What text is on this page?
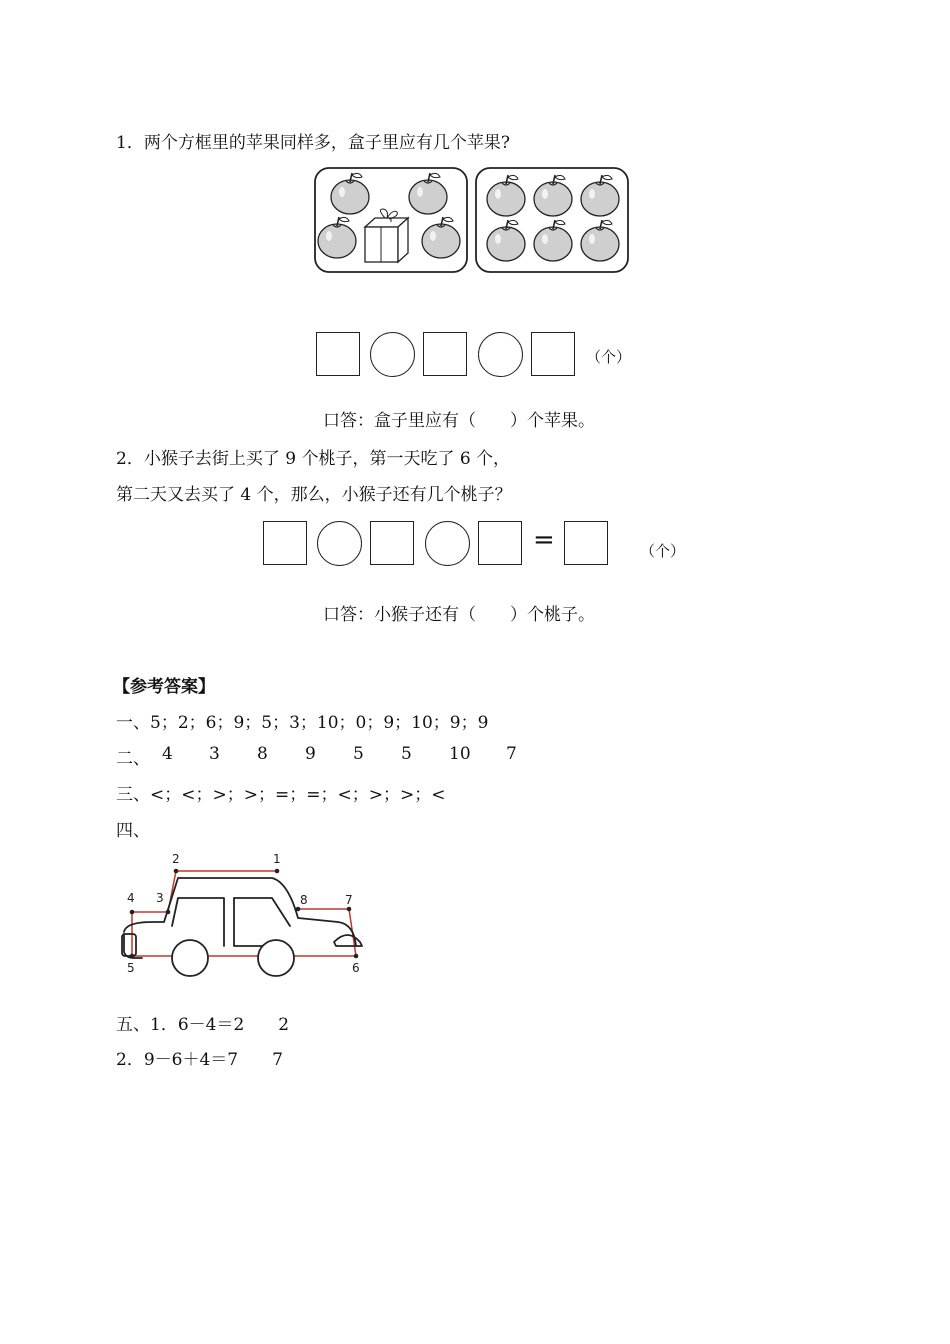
1．两个方框里的苹果同样多，盒子里应有几个苹果?
（个）
口答：盒子里应有（　　）个苹果。
2．小猴子去街上买了 9 个桃子，第一天吃了 6 个，
第二天又去买了 4 个，那么，小猴子还有几个桃子？
=	（个）
口答：小猴子还有（　　）个桃子。
【参考答案】
一、5；2；6；9；5；3；10；0；9；10；9；9
二、 4 3 8 9 5 5 10 7
三、<；<；>；>；=；=；<；>；>；<
四、
1
2
3
4
5	6
7
8
五、1．6－4＝2　　2
2．9－6＋4＝7　　7
